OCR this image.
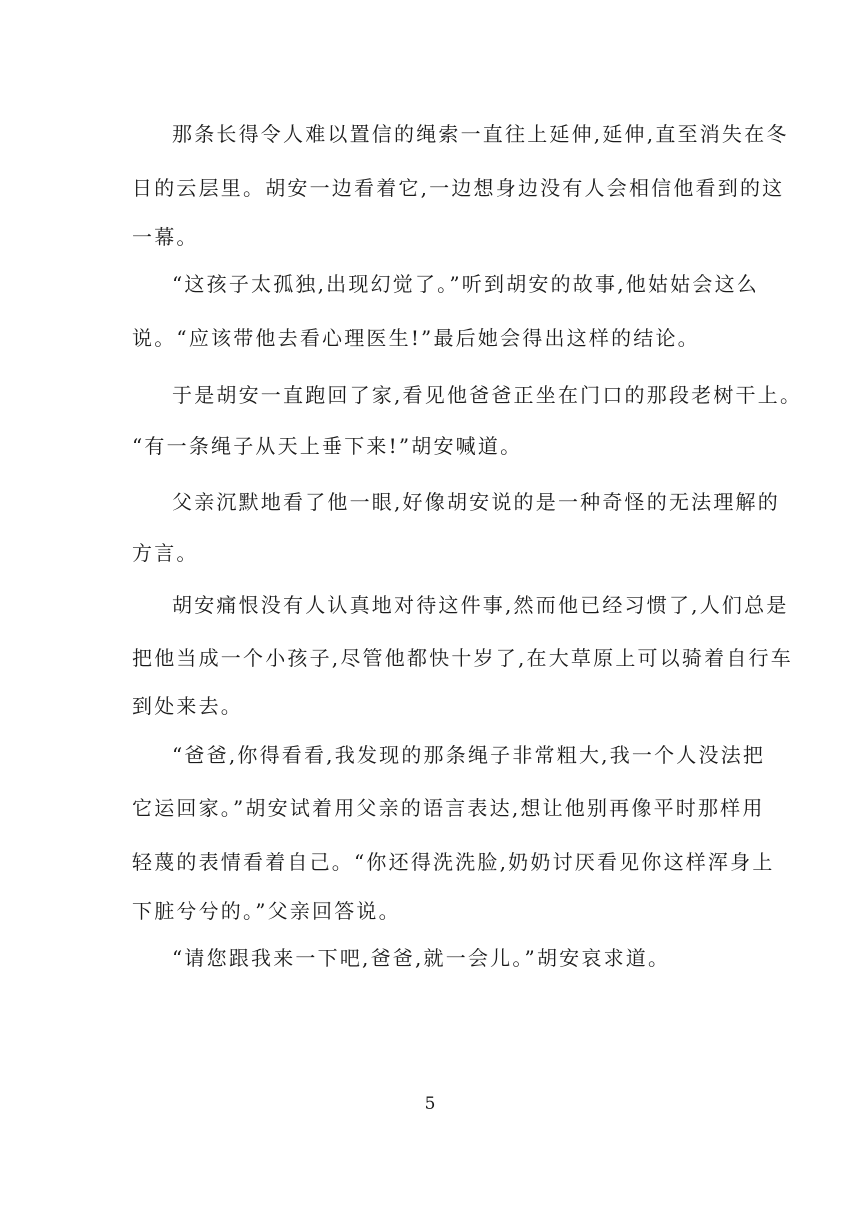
那条长得令人难以置信的绳索一直往上延伸,延伸,直至消失在冬
日的云层里。胡安一边看着它,一边想身边没有人会相信他看到的这
一幕。
“这孩子太孤独,出现幻觉了。”听到胡安的故事,他姑姑会这么
说。“应该带他去看心理医生!”最后她会得出这样的结论。
于是胡安一直跑回了家,看见他爸爸正坐在门口的那段老树干上。
“有一条绳子从天上垂下来!”胡安喊道。
父亲沉默地看了他一眼,好像胡安说的是一种奇怪的无法理解的
方言。
胡安痛恨没有人认真地对待这件事,然而他已经习惯了,人们总是
把他当成一个小孩子,尽管他都快十岁了,在大草原上可以骑着自行车
到处来去。
“爸爸,你得看看,我发现的那条绳子非常粗大,我一个人没法把
它运回家。”胡安试着用父亲的语言表达,想让他别再像平时那样用
轻蔑的表情看着自己。“你还得洗洗脸,奶奶讨厌看见你这样浑身上
下脏兮兮的。”父亲回答说。
“请您跟我来一下吧,爸爸,就一会儿。”胡安哀求道。
5
